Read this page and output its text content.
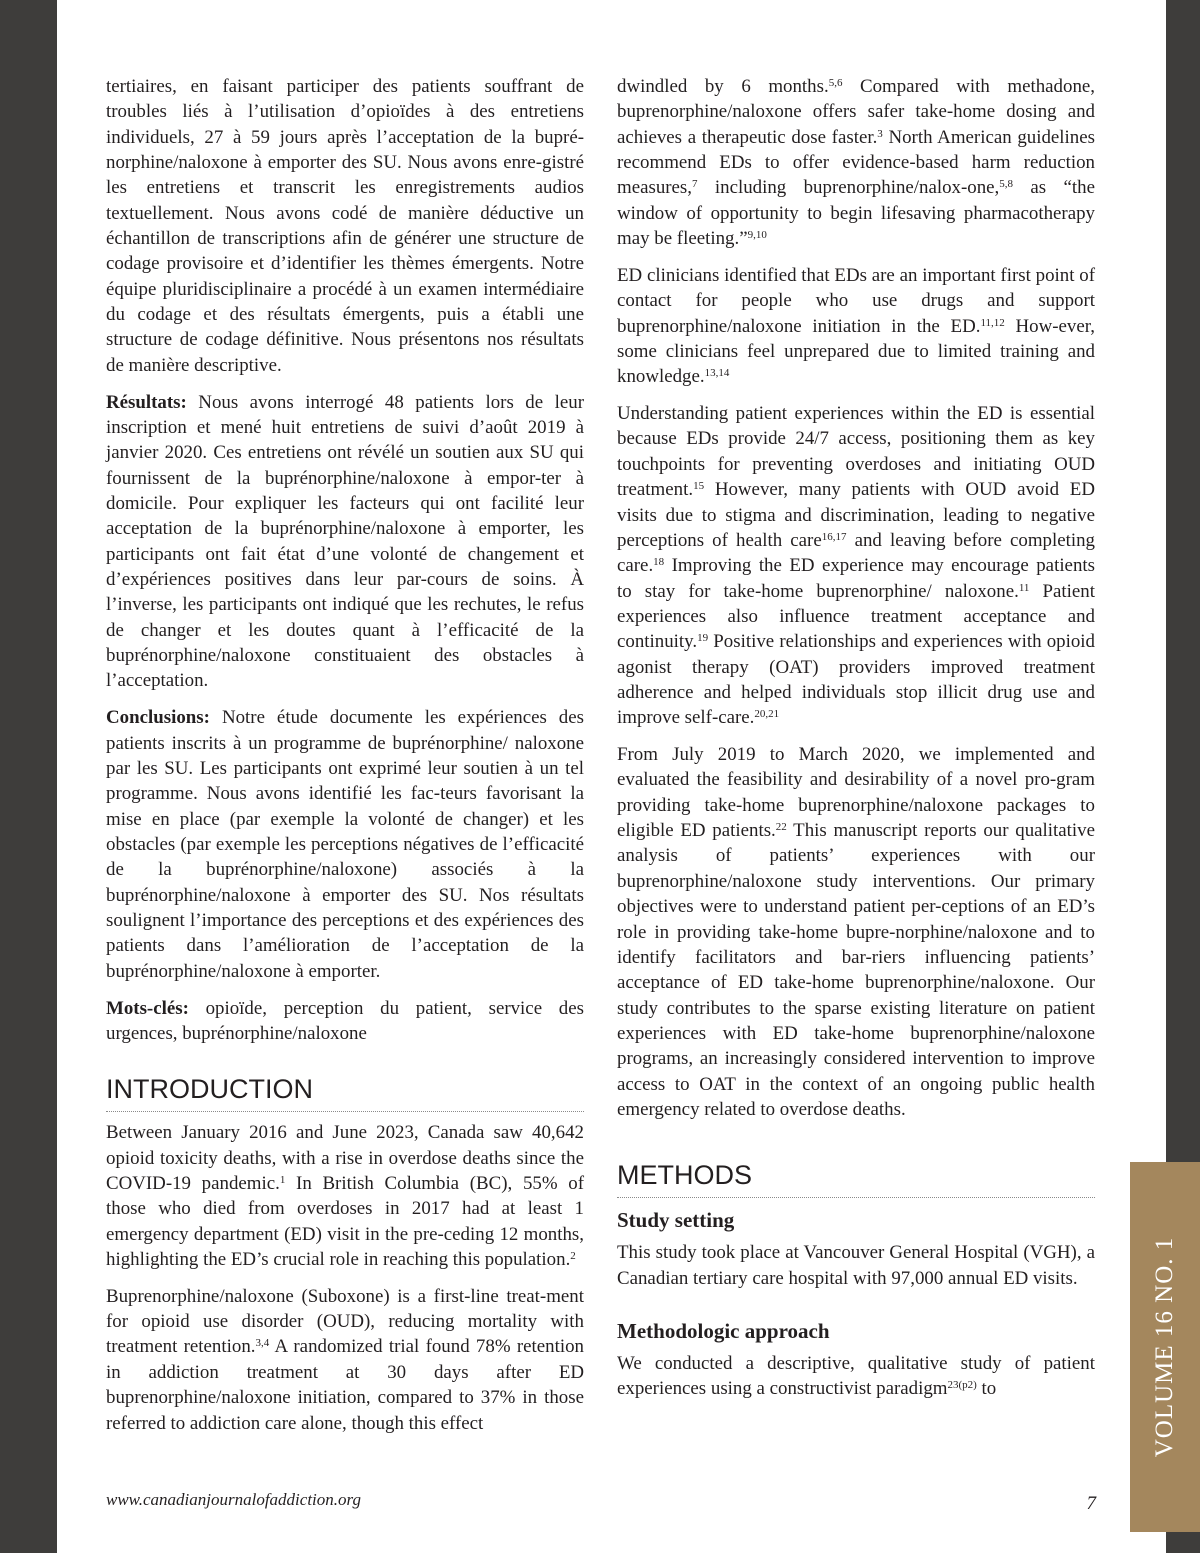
VOLUME 16 NO. 1

tertiaires, en faisant participer des patients souffrant de troubles liés à l’utilisation d’opioïdes à des entretiens individuels, 27 à 59 jours après l’acceptation de la bupré-norphine/naloxone à emporter des SU. Nous avons enre-gistré les entretiens et transcrit les enregistrements audios textuellement. Nous avons codé de manière déductive un échantillon de transcriptions afin de générer une structure de codage provisoire et d’identifier les thèmes émergents. Notre équipe pluridisciplinaire a procédé à un examen intermédiaire du codage et des résultats émergents, puis a établi une structure de codage définitive. Nous présentons nos résultats de manière descriptive.

Résultats: Nous avons interrogé 48 patients lors de leur inscription et mené huit entretiens de suivi d’août 2019 à janvier 2020. Ces entretiens ont révélé un soutien aux SU qui fournissent de la buprénorphine/naloxone à empor-ter à domicile. Pour expliquer les facteurs qui ont facilité leur acceptation de la buprénorphine/naloxone à emporter, les participants ont fait état d’une volonté de changement et d’expériences positives dans leur par-cours de soins. À l’inverse, les participants ont indiqué que les rechutes, le refus de changer et les doutes quant à l’efficacité de la buprénorphine/naloxone constituaient des obstacles à l’acceptation.

Conclusions: Notre étude documente les expériences des patients inscrits à un programme de buprénorphine/ naloxone par les SU. Les participants ont exprimé leur soutien à un tel programme. Nous avons identifié les fac-teurs favorisant la mise en place (par exemple la volonté de changer) et les obstacles (par exemple les perceptions négatives de l’efficacité de la buprénorphine/naloxone) associés à la buprénorphine/naloxone à emporter des SU. Nos résultats soulignent l’importance des perceptions et des expériences des patients dans l’amélioration de l’acceptation de la buprénorphine/naloxone à emporter.

Mots-clés: opioïde, perception du patient, service des urgences, buprénorphine/naloxone

INTRODUCTION

Between January 2016 and June 2023, Canada saw 40,642 opioid toxicity deaths, with a rise in overdose deaths since the COVID-19 pandemic.$^1$ In British Columbia (BC), 55% of those who died from overdoses in 2017 had at least 1 emergency department (ED) visit in the pre-ceding 12 months, highlighting the ED’s crucial role in reaching this population.$^2$

Buprenorphine/naloxone (Suboxone) is a first-line treat-ment for opioid use disorder (OUD), reducing mortality with treatment retention.$^{3,4}$ A randomized trial found 78% retention in addiction treatment at 30 days after ED buprenorphine/naloxone initiation, compared to 37% in those referred to addiction care alone, though this effect

dwindled by 6 months.$^{5,6}$ Compared with methadone, buprenorphine/naloxone offers safer take-home dosing and achieves a therapeutic dose faster.$^3$ North American guidelines recommend EDs to offer evidence-based harm reduction measures,$^7$ including buprenorphine/nalox-one,$^{5,8}$ as “the window of opportunity to begin lifesaving pharmacotherapy may be fleeting.”$^{9,10}$

ED clinicians identified that EDs are an important first point of contact for people who use drugs and support buprenorphine/naloxone initiation in the ED.$^{11,12}$ How-ever, some clinicians feel unprepared due to limited training and knowledge.$^{13,14}$

Understanding patient experiences within the ED is essential because EDs provide 24/7 access, positioning them as key touchpoints for preventing overdoses and initiating OUD treatment.$^{15}$ However, many patients with OUD avoid ED visits due to stigma and discrimination, leading to negative perceptions of health care$^{16,17}$ and leaving before completing care.$^{18}$ Improving the ED experience may encourage patients to stay for take-home buprenorphine/ naloxone.$^{11}$ Patient experiences also influence treatment acceptance and continuity.$^{19}$ Positive relationships and experiences with opioid agonist therapy (OAT) providers improved treatment adherence and helped individuals stop illicit drug use and improve self-care.$^{20,21}$

From July 2019 to March 2020, we implemented and evaluated the feasibility and desirability of a novel pro-gram providing take-home buprenorphine/naloxone packages to eligible ED patients.$^{22}$ This manuscript reports our qualitative analysis of patients’ experiences with our buprenorphine/naloxone study interventions. Our primary objectives were to understand patient per-ceptions of an ED’s role in providing take-home bupre-norphine/naloxone and to identify facilitators and bar-riers influencing patients’ acceptance of ED take-home buprenorphine/naloxone. Our study contributes to the sparse existing literature on patient experiences with ED take-home buprenorphine/naloxone programs, an increasingly considered intervention to improve access to OAT in the context of an ongoing public health emergency related to overdose deaths.

METHODS
Study setting

This study took place at Vancouver General Hospital (VGH), a Canadian tertiary care hospital with 97,000 annual ED visits.

Methodologic approach

We conducted a descriptive, qualitative study of patient experiences using a constructivist paradigm$^{23(p2)}$ to

www.canadianjournalofaddiction.org	7
